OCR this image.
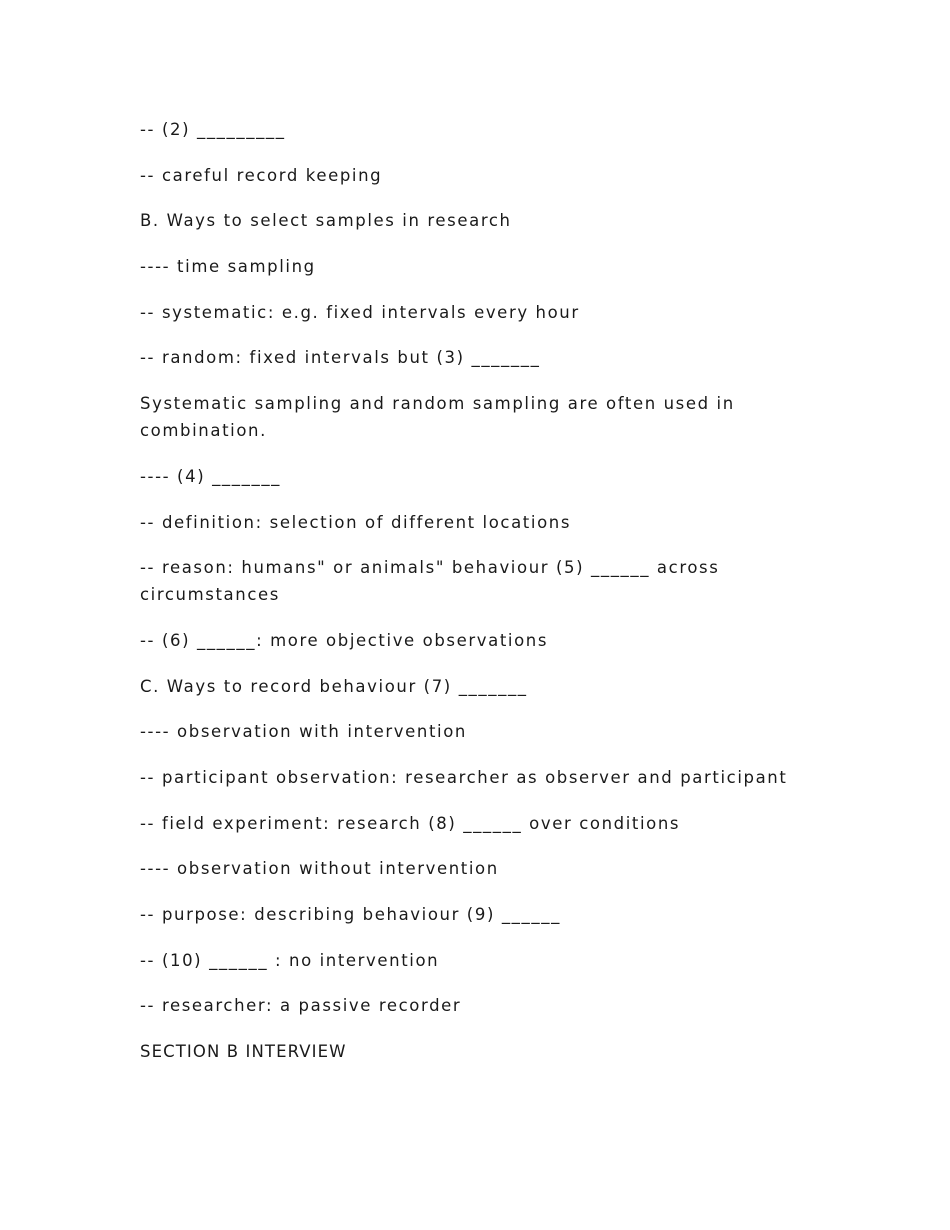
-- (2) _________

-- careful record keeping

B. Ways to select samples in research

---- time sampling

-- systematic: e.g. fixed intervals every hour

-- random: fixed intervals but (3) _______

Systematic sampling and random sampling are often used in combination.

---- (4) _______

-- definition: selection of different locations

-- reason: humans" or animals" behaviour (5) ______ across circumstances

-- (6) ______: more objective observations

C. Ways to record behaviour (7) _______

---- observation with intervention

-- participant observation: researcher as observer and participant

-- field experiment: research (8) ______ over conditions

---- observation without intervention

-- purpose: describing behaviour (9) ______

-- (10) ______ : no intervention

-- researcher: a passive recorder

SECTION B INTERVIEW
